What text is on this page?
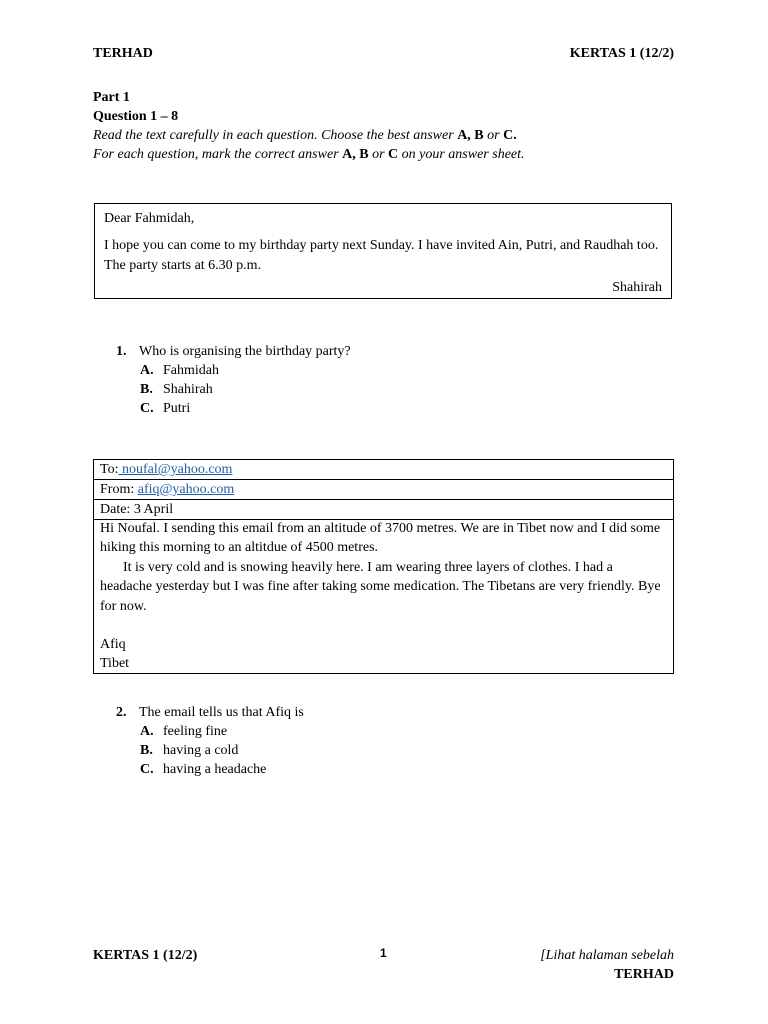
TERHAD	KERTAS 1 (12/2)
Part 1
Question 1 – 8
Read the text carefully in each question. Choose the best answer A, B or C.
For each question, mark the correct answer A, B or C on your answer sheet.
Dear Fahmidah,
I hope you can come to my birthday party next Sunday. I have invited Ain, Putri, and Raudhah too. The party starts at 6.30 p.m.
Shahirah
1. Who is organising the birthday party?
A. Fahmidah
B. Shahirah
C. Putri
To: noufal@yahoo.com
From: afiq@yahoo.com
Date: 3 April

Hi Noufal. I sending this email from an altitude of 3700 metres. We are in Tibet now and I did some hiking this morning to an altitdue of 4500 metres.

It is very cold and is snowing heavily here. I am wearing three layers of clothes. I had a headache yesterday but I was fine after taking some medication. The Tibetans are very friendly. Bye for now.

Afiq

Tibet

2. The email tells us that Afiq is
A. feeling fine
B. having a cold
C. having a headache
KERTAS 1 (12/2)	1	[Lihat halaman sebelah
TERHAD
